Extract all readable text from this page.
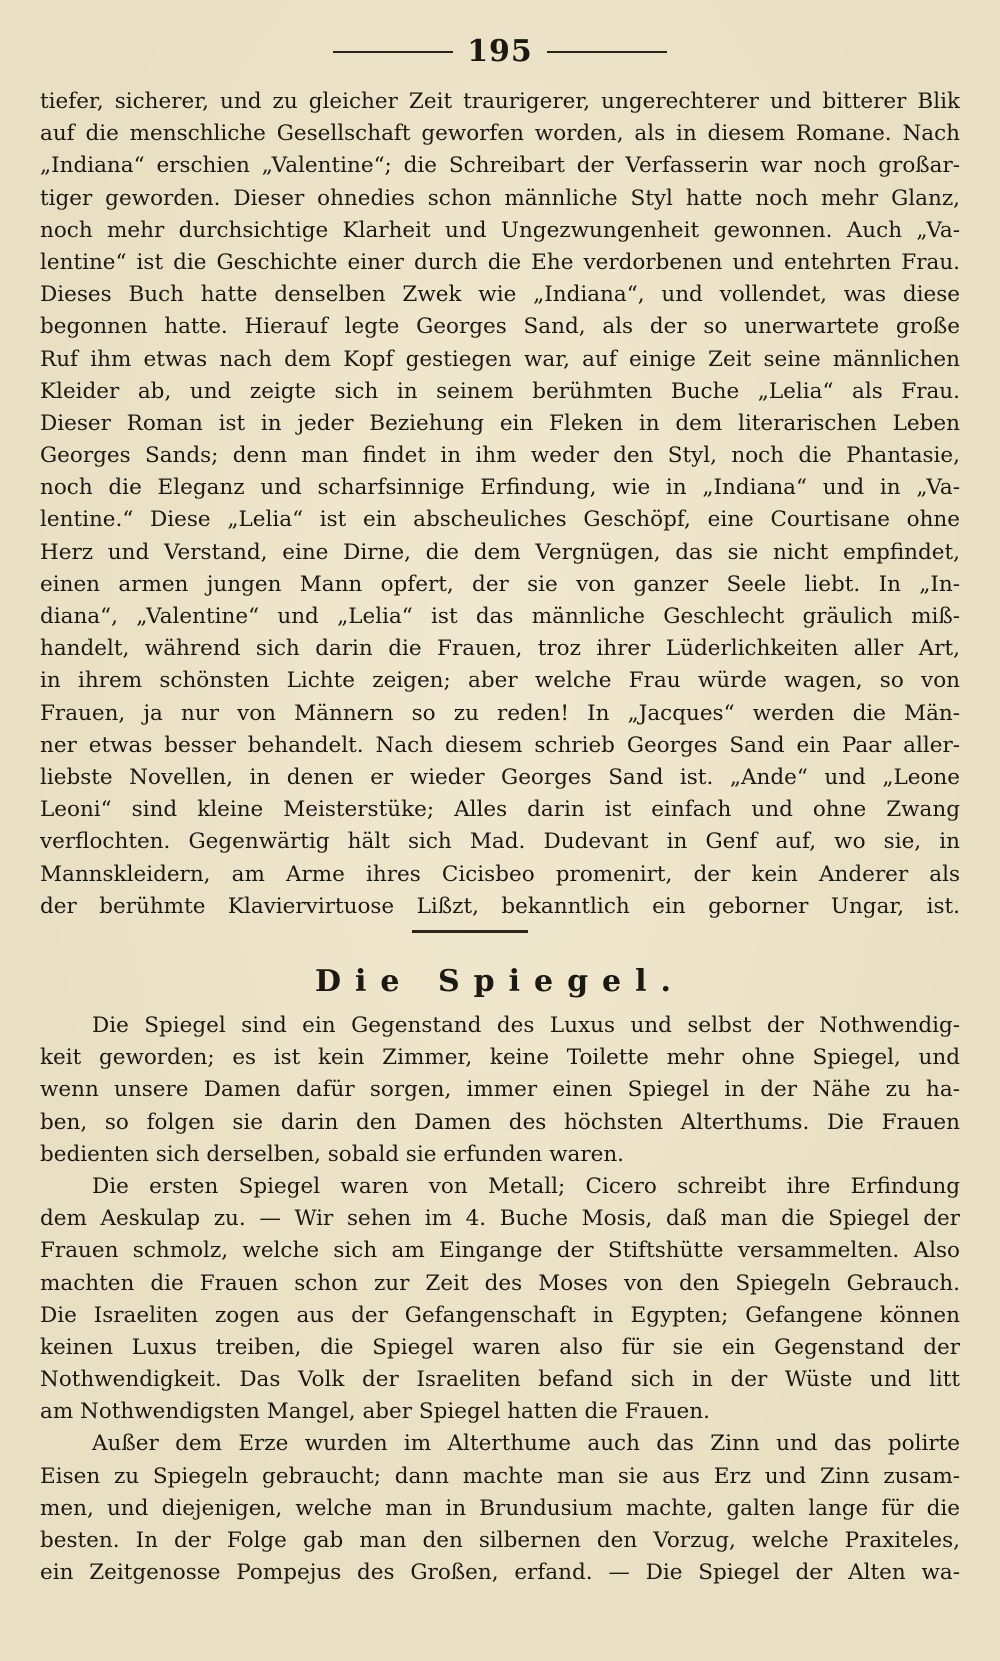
195
tiefer, sicherer, und zu gleicher Zeit traurigerer, ungerechterer und bitterer Blik
auf die menschliche Gesellschaft geworfen worden, als in diesem Romane. Nach
„Indiana“ erschien „Valentine“; die Schreibart der Verfasserin war noch großar-
tiger geworden. Dieser ohnedies schon männliche Styl hatte noch mehr Glanz,
noch mehr durchsichtige Klarheit und Ungezwungenheit gewonnen. Auch „Va-
lentine“ ist die Geschichte einer durch die Ehe verdorbenen und entehrten Frau.
Dieses Buch hatte denselben Zwek wie „Indiana“, und vollendet, was diese
begonnen hatte. Hierauf legte Georges Sand, als der so unerwartete große
Ruf ihm etwas nach dem Kopf gestiegen war, auf einige Zeit seine männlichen
Kleider ab, und zeigte sich in seinem berühmten Buche „Lelia“ als Frau.
Dieser Roman ist in jeder Beziehung ein Fleken in dem literarischen Leben
Georges Sands; denn man findet in ihm weder den Styl, noch die Phantasie,
noch die Eleganz und scharfsinnige Erfindung, wie in „Indiana“ und in „Va-
lentine.“ Diese „Lelia“ ist ein abscheuliches Geschöpf, eine Courtisane ohne
Herz und Verstand, eine Dirne, die dem Vergnügen, das sie nicht empfindet,
einen armen jungen Mann opfert, der sie von ganzer Seele liebt. In „In-
diana“, „Valentine“ und „Lelia“ ist das männliche Geschlecht gräulich miß-
handelt, während sich darin die Frauen, troz ihrer Lüderlichkeiten aller Art,
in ihrem schönsten Lichte zeigen; aber welche Frau würde wagen, so von
Frauen, ja nur von Männern so zu reden! In „Jacques“ werden die Män-
ner etwas besser behandelt. Nach diesem schrieb Georges Sand ein Paar aller-
liebste Novellen, in denen er wieder Georges Sand ist. „Ande“ und „Leone
Leoni“ sind kleine Meisterstüke; Alles darin ist einfach und ohne Zwang
verflochten. Gegenwärtig hält sich Mad. Dudevant in Genf auf, wo sie, in
Mannskleidern, am Arme ihres Cicisbeo promenirt, der kein Anderer als
der berühmte Klaviervirtuose Lißzt, bekanntlich ein geborner Ungar, ist.
Die Spiegel.
Die Spiegel sind ein Gegenstand des Luxus und selbst der Nothwendig-
keit geworden; es ist kein Zimmer, keine Toilette mehr ohne Spiegel, und
wenn unsere Damen dafür sorgen, immer einen Spiegel in der Nähe zu ha-
ben, so folgen sie darin den Damen des höchsten Alterthums. Die Frauen
bedienten sich derselben, sobald sie erfunden waren.
Die ersten Spiegel waren von Metall; Cicero schreibt ihre Erfindung
dem Aeskulap zu. — Wir sehen im 4. Buche Mosis, daß man die Spiegel der
Frauen schmolz, welche sich am Eingange der Stiftshütte versammelten. Also
machten die Frauen schon zur Zeit des Moses von den Spiegeln Gebrauch.
Die Israeliten zogen aus der Gefangenschaft in Egypten; Gefangene können
keinen Luxus treiben, die Spiegel waren also für sie ein Gegenstand der
Nothwendigkeit. Das Volk der Israeliten befand sich in der Wüste und litt
am Nothwendigsten Mangel, aber Spiegel hatten die Frauen.
Außer dem Erze wurden im Alterthume auch das Zinn und das polirte
Eisen zu Spiegeln gebraucht; dann machte man sie aus Erz und Zinn zusam-
men, und diejenigen, welche man in Brundusium machte, galten lange für die
besten. In der Folge gab man den silbernen den Vorzug, welche Praxiteles,
ein Zeitgenosse Pompejus des Großen, erfand. — Die Spiegel der Alten wa-
